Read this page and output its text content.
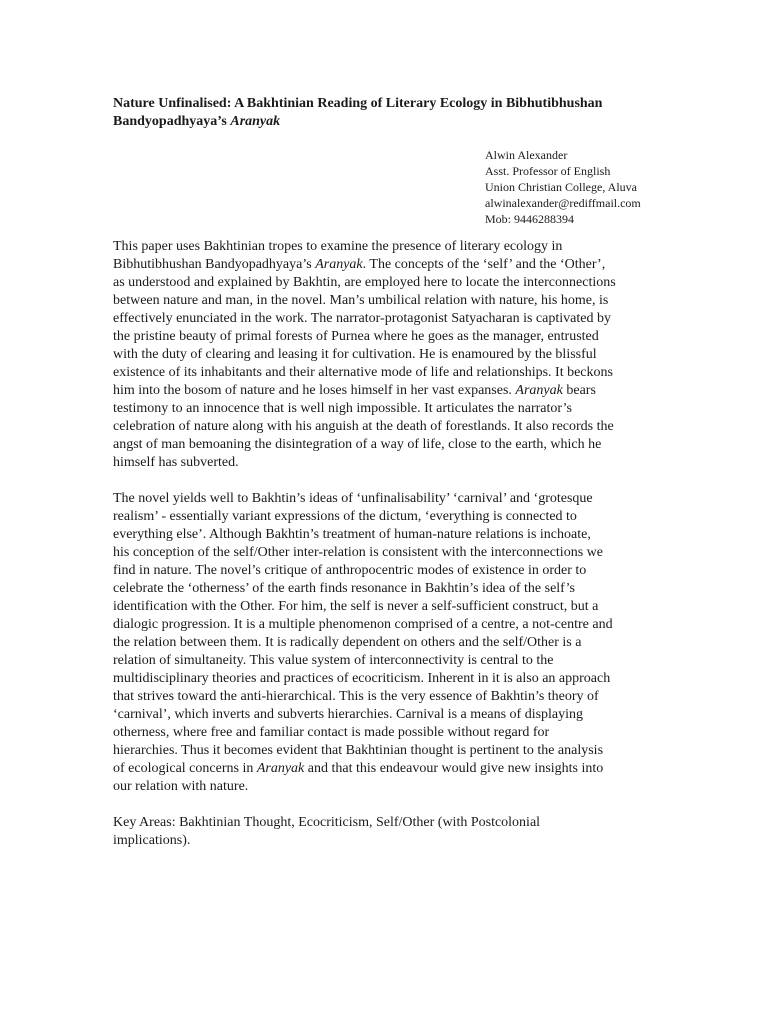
Nature Unfinalised: A Bakhtinian Reading of Literary Ecology in Bibhutibhushan
Bandyopadhyaya’s Aranyak
Alwin Alexander
Asst. Professor of English
Union Christian College, Aluva
alwinalexander@rediffmail.com
Mob: 9446288394

This paper uses Bakhtinian tropes to examine the presence of literary ecology in
Bibhutibhushan Bandyopadhyaya’s Aranyak. The concepts of the ‘self’ and the ‘Other’,
as understood and explained by Bakhtin, are employed here to locate the interconnections
between nature and man, in the novel. Man’s umbilical relation with nature, his home, is
effectively enunciated in the work. The narrator-protagonist Satyacharan is captivated by
the pristine beauty of primal forests of Purnea where he goes as the manager, entrusted
with the duty of clearing and leasing it for cultivation. He is enamoured by the blissful
existence of its inhabitants and their alternative mode of life and relationships. It beckons
him into the bosom of nature and he loses himself in her vast expanses. Aranyak bears
testimony to an innocence that is well nigh impossible. It articulates the narrator’s
celebration of nature along with his anguish at the death of forestlands. It also records the
angst of man bemoaning the disintegration of a way of life, close to the earth, which he
himself has subverted.

The novel yields well to Bakhtin’s ideas of ‘unfinalisability’ ‘carnival’ and ‘grotesque
realism’ - essentially variant expressions of the dictum, ‘everything is connected to
everything else’. Although Bakhtin’s treatment of human-nature relations is inchoate,
his conception of the self/Other inter-relation is consistent with the interconnections we
find in nature. The novel’s critique of anthropocentric modes of existence in order to
celebrate the ‘otherness’ of the earth finds resonance in Bakhtin’s idea of the self’s
identification with the Other. For him, the self is never a self-sufficient construct, but a
dialogic progression. It is a multiple phenomenon comprised of a centre, a not-centre and
the relation between them. It is radically dependent on others and the self/Other is a
relation of simultaneity. This value system of interconnectivity is central to the
multidisciplinary theories and practices of ecocriticism. Inherent in it is also an approach
that strives toward the anti-hierarchical. This is the very essence of Bakhtin’s theory of
‘carnival’, which inverts and subverts hierarchies. Carnival is a means of displaying
otherness, where free and familiar contact is made possible without regard for
hierarchies. Thus it becomes evident that Bakhtinian thought is pertinent to the analysis
of ecological concerns in Aranyak and that this endeavour would give new insights into
our relation with nature.

Key Areas: Bakhtinian Thought, Ecocriticism, Self/Other (with Postcolonial
implications).
